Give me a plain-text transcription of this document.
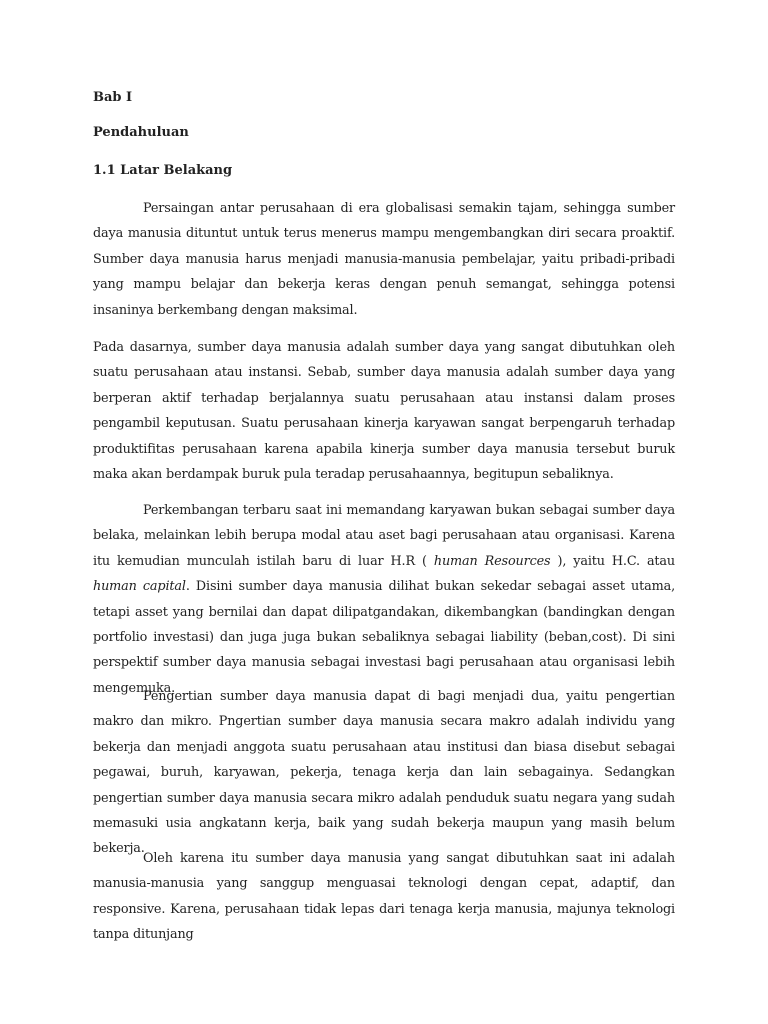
Bab I
Pendahuluan
1.1 Latar Belakang

Persaingan antar perusahaan di era globalisasi semakin tajam, sehingga sumber daya manusia dituntut untuk terus menerus mampu mengembangkan diri secara proaktif. Sumber daya manusia harus menjadi manusia-manusia pembelajar, yaitu pribadi-pribadi yang mampu belajar dan bekerja keras dengan penuh semangat, sehingga potensi insaninya berkembang dengan maksimal.

Pada dasarnya, sumber daya manusia adalah sumber daya yang sangat dibutuhkan oleh suatu perusahaan atau instansi. Sebab, sumber daya manusia adalah sumber daya yang berperan aktif terhadap berjalannya suatu perusahaan atau instansi dalam proses pengambil keputusan. Suatu perusahaan kinerja karyawan sangat berpengaruh terhadap produktifitas perusahaan karena apabila kinerja sumber daya manusia tersebut buruk maka akan berdampak buruk pula teradap perusahaannya, begitupun sebaliknya.

Perkembangan terbaru saat ini memandang karyawan bukan sebagai sumber daya belaka, melainkan lebih berupa modal atau aset bagi perusahaan atau organisasi. Karena itu kemudian munculah istilah baru di luar H.R ( human Resources ), yaitu H.C. atau human capital. Disini sumber daya manusia dilihat bukan sekedar sebagai asset utama, tetapi asset yang bernilai dan dapat dilipatgandakan, dikembangkan (bandingkan dengan portfolio investasi) dan juga juga bukan sebaliknya sebagai liability (beban,cost). Di sini perspektif sumber daya manusia sebagai investasi bagi perusahaan atau organisasi lebih mengemuka.

Pengertian sumber daya manusia dapat di bagi menjadi dua, yaitu pengertian makro dan mikro. Pngertian sumber daya manusia secara makro adalah individu yang bekerja dan menjadi anggota suatu perusahaan atau institusi dan biasa disebut sebagai pegawai, buruh, karyawan, pekerja, tenaga kerja dan lain sebagainya. Sedangkan pengertian sumber daya manusia secara mikro adalah penduduk suatu negara yang sudah memasuki usia angkatann kerja, baik yang sudah bekerja maupun yang masih belum bekerja.

Oleh karena itu sumber daya manusia yang sangat dibutuhkan saat ini adalah manusia-manusia yang sanggup menguasai teknologi dengan cepat, adaptif, dan responsive. Karena, perusahaan tidak lepas dari tenaga kerja manusia, majunya teknologi tanpa ditunjang
